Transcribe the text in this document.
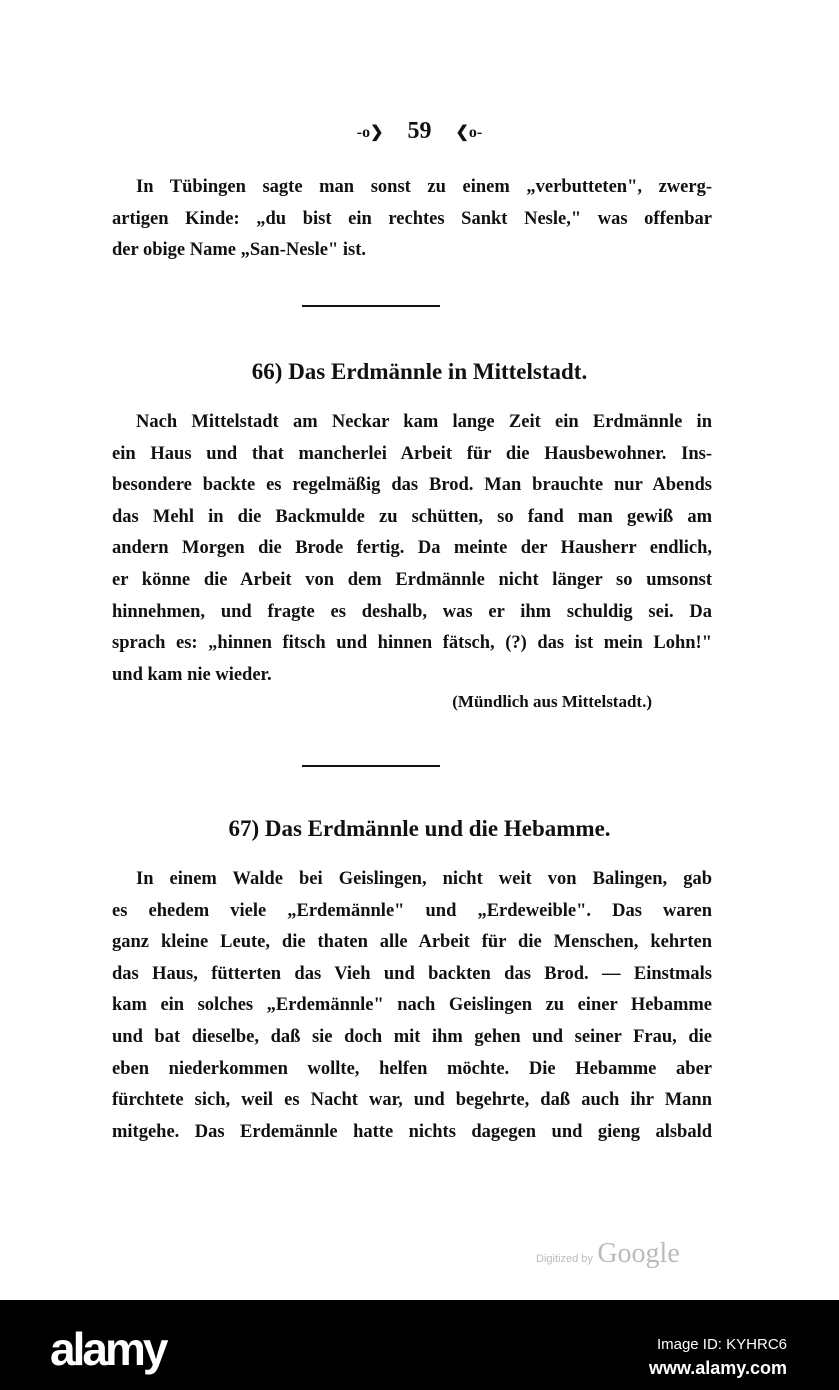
-o❯ 59 ❮o-
In Tübingen sagte man sonst zu einem „verbutteten", zwerg-
artigen Kinde: „du bist ein rechtes Sankt Nesle," was offenbar
der obige Name „San-Nesle" ist.
66) Das Erdmännle in Mittelstadt.
Nach Mittelstadt am Neckar kam lange Zeit ein Erdmännle in
ein Haus und that mancherlei Arbeit für die Hausbewohner. Ins-
besondere backte es regelmäßig das Brod. Man brauchte nur Abends
das Mehl in die Backmulde zu schütten, so fand man gewiß am
andern Morgen die Brode fertig. Da meinte der Hausherr endlich,
er könne die Arbeit von dem Erdmännle nicht länger so umsonst
hinnehmen, und fragte es deshalb, was er ihm schuldig sei. Da
sprach es: „hinnen fitsch und hinnen fätsch, (?) das ist mein Lohn!"
und kam nie wieder.
(Mündlich aus Mittelstadt.)
67) Das Erdmännle und die Hebamme.
In einem Walde bei Geislingen, nicht weit von Balingen, gab
es ehedem viele „Erdemännle" und „Erdeweible". Das waren
ganz kleine Leute, die thaten alle Arbeit für die Menschen, kehrten
das Haus, fütterten das Vieh und backten das Brod. — Einstmals
kam ein solches „Erdemännle" nach Geislingen zu einer Hebamme
und bat dieselbe, daß sie doch mit ihm gehen und seiner Frau, die
eben niederkommen wollte, helfen möchte. Die Hebamme aber
fürchtete sich, weil es Nacht war, und begehrte, daß auch ihr Mann
mitgehe. Das Erdemännle hatte nichts dagegen und gieng alsbald
Digitized by Google
alamy	Image ID: KYHRC6
www.alamy.com
